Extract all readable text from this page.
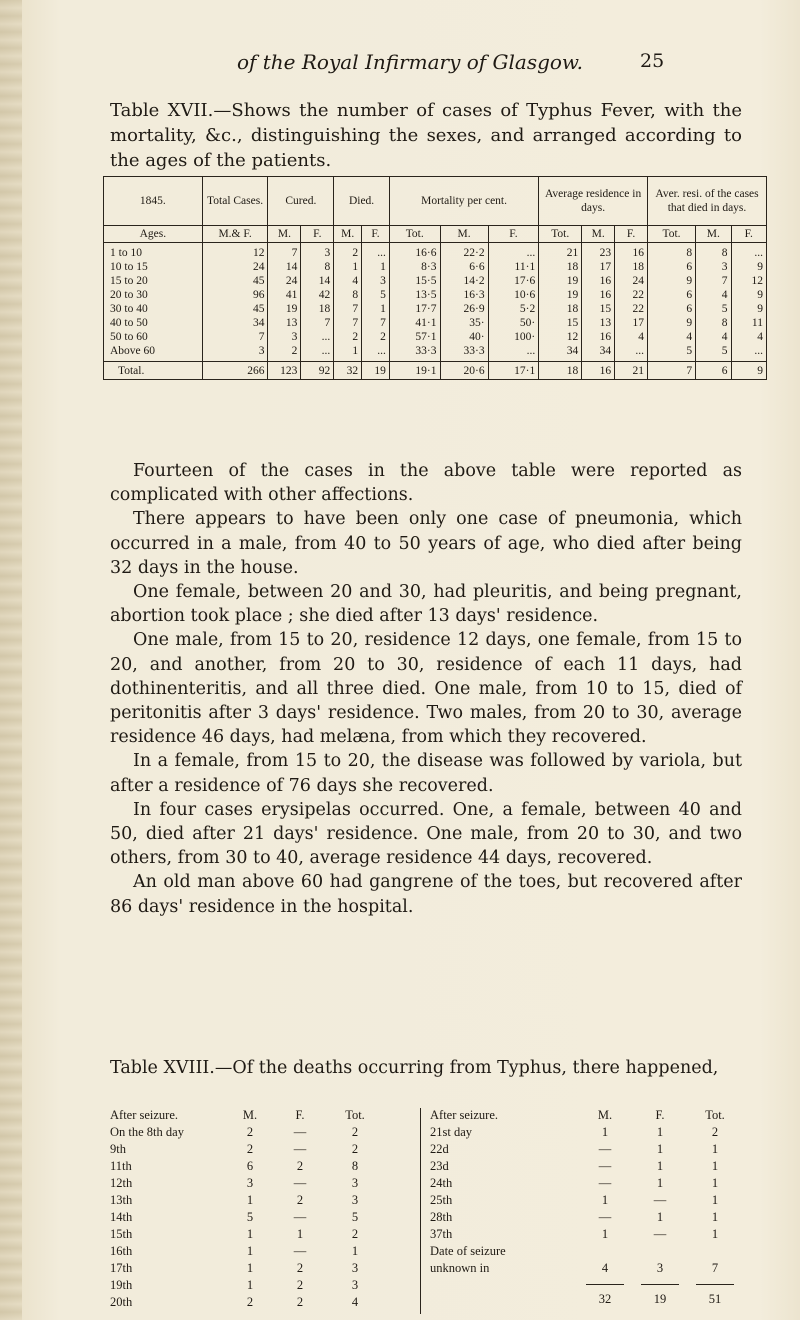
of the Royal Infirmary of Glasgow.	25
Table XVII.—Shows the number of cases of Typhus Fever, with the mortality, &c., distinguishing the sexes, and arranged according to the ages of the patients.
1845.	Total Cases.	Cured.		Died.		Mortality per cent.			Average residence in days.			Aver. resi. of the cases that died in days.		
Ages.	M.& F.	M.	F.	M.	F.	Tot.	M.	F.	Tot.	M.	F.	Tot.	M.	F.
1 to 10	12	7	3	2	...	16·6	22·2	...	21	23	16	8	8	...
10 to 15	24	14	8	1	1	8·3	6·6	11·1	18	17	18	6	3	9
15 to 20	45	24	14	4	3	15·5	14·2	17·6	19	16	24	9	7	12
20 to 30	96	41	42	8	5	13·5	16·3	10·6	19	16	22	6	4	9
30 to 40	45	19	18	7	1	17·7	26·9	5·2	18	15	22	6	5	9
40 to 50	34	13	7	7	7	41·1	35·	50·	15	13	17	9	8	11
50 to 60	7	3	...	2	2	57·1	40·	100·	12	16	4	4	4	4
Above 60	3	2	...	1	...	33·3	33·3	...	34	34	...	5	5	...
Total.	266	123	92	32	19	19·1	20·6	17·1	18	16	21	7	6	9
Fourteen of the cases in the above table were reported as complicated with other affections.
There appears to have been only one case of pneumonia, which occurred in a male, from 40 to 50 years of age, who died after being 32 days in the house.
One female, between 20 and 30, had pleuritis, and being pregnant, abortion took place ; she died after 13 days' residence.
One male, from 15 to 20, residence 12 days, one female, from 15 to 20, and another, from 20 to 30, residence of each 11 days, had dothinenteritis, and all three died. One male, from 10 to 15, died of peritonitis after 3 days' residence. Two males, from 20 to 30, average residence 46 days, had melæna, from which they recovered.
In a female, from 15 to 20, the disease was followed by variola, but after a residence of 76 days she recovered.
In four cases erysipelas occurred. One, a female, between 40 and 50, died after 21 days' residence. One male, from 20 to 30, and two others, from 30 to 40, average residence 44 days, recovered.
An old man above 60 had gangrene of the toes, but recovered after 86 days' residence in the hospital.
Table XVIII.—Of the deaths occurring from Typhus, there happened,
After seizure.	M.	F.	Tot.
On the 8th day	2	—	2
9th	2	—	2
11th	6	2	8
12th	3	—	3
13th	1	2	3
14th	5	—	5
15th	1	1	2
16th	1	—	1
17th	1	2	3
19th	1	2	3
20th	2	2	4
After seizure.	M.	F.	Tot.
21st day	1	1	2
22d	—	1	1
23d	—	1	1
24th	—	1	1
25th	1	—	1
28th	—	1	1
37th	1	—	1
Date of seizure
unknown in	4	3	7
32	19	51
